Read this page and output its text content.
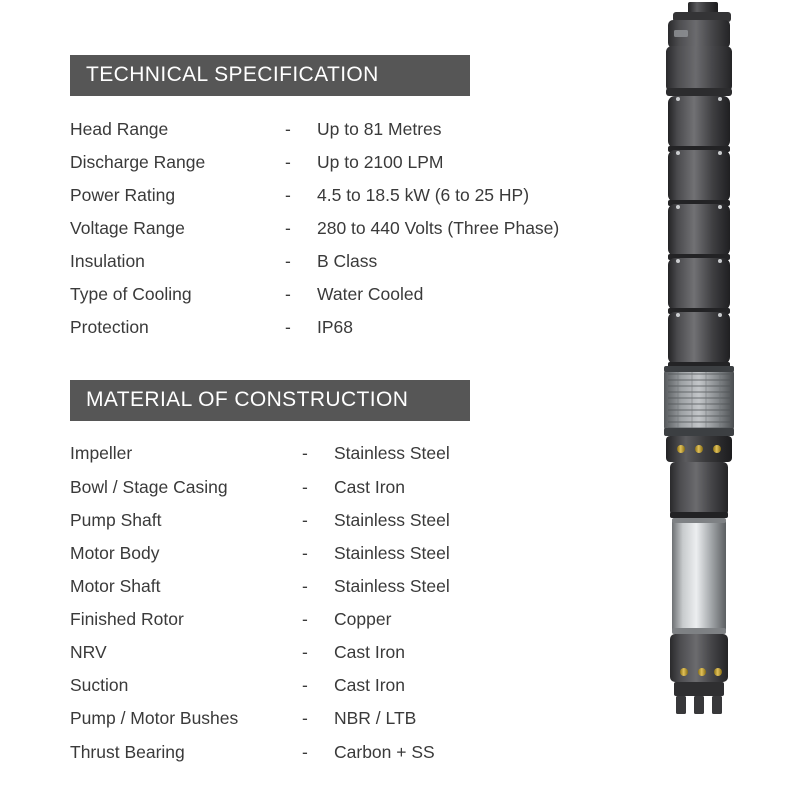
TECHNICAL SPECIFICATION
Head Range	-	Up to 81 Metres
Discharge Range	-	Up to 2100 LPM
Power Rating	-	4.5 to 18.5 kW (6 to 25 HP)
Voltage Range	-	280 to 440 Volts (Three Phase)
Insulation	-	B Class
Type of Cooling	-	Water Cooled
Protection	-	IP68
MATERIAL OF CONSTRUCTION
Impeller	-	Stainless Steel
Bowl / Stage Casing	-	Cast Iron
Pump Shaft	-	Stainless Steel
Motor Body	-	Stainless Steel
Motor Shaft	-	Stainless Steel
Finished Rotor	-	Copper
NRV	-	Cast Iron
Suction	-	Cast Iron
Pump / Motor Bushes	-	NBR / LTB
Thrust Bearing	-	Carbon + SS
